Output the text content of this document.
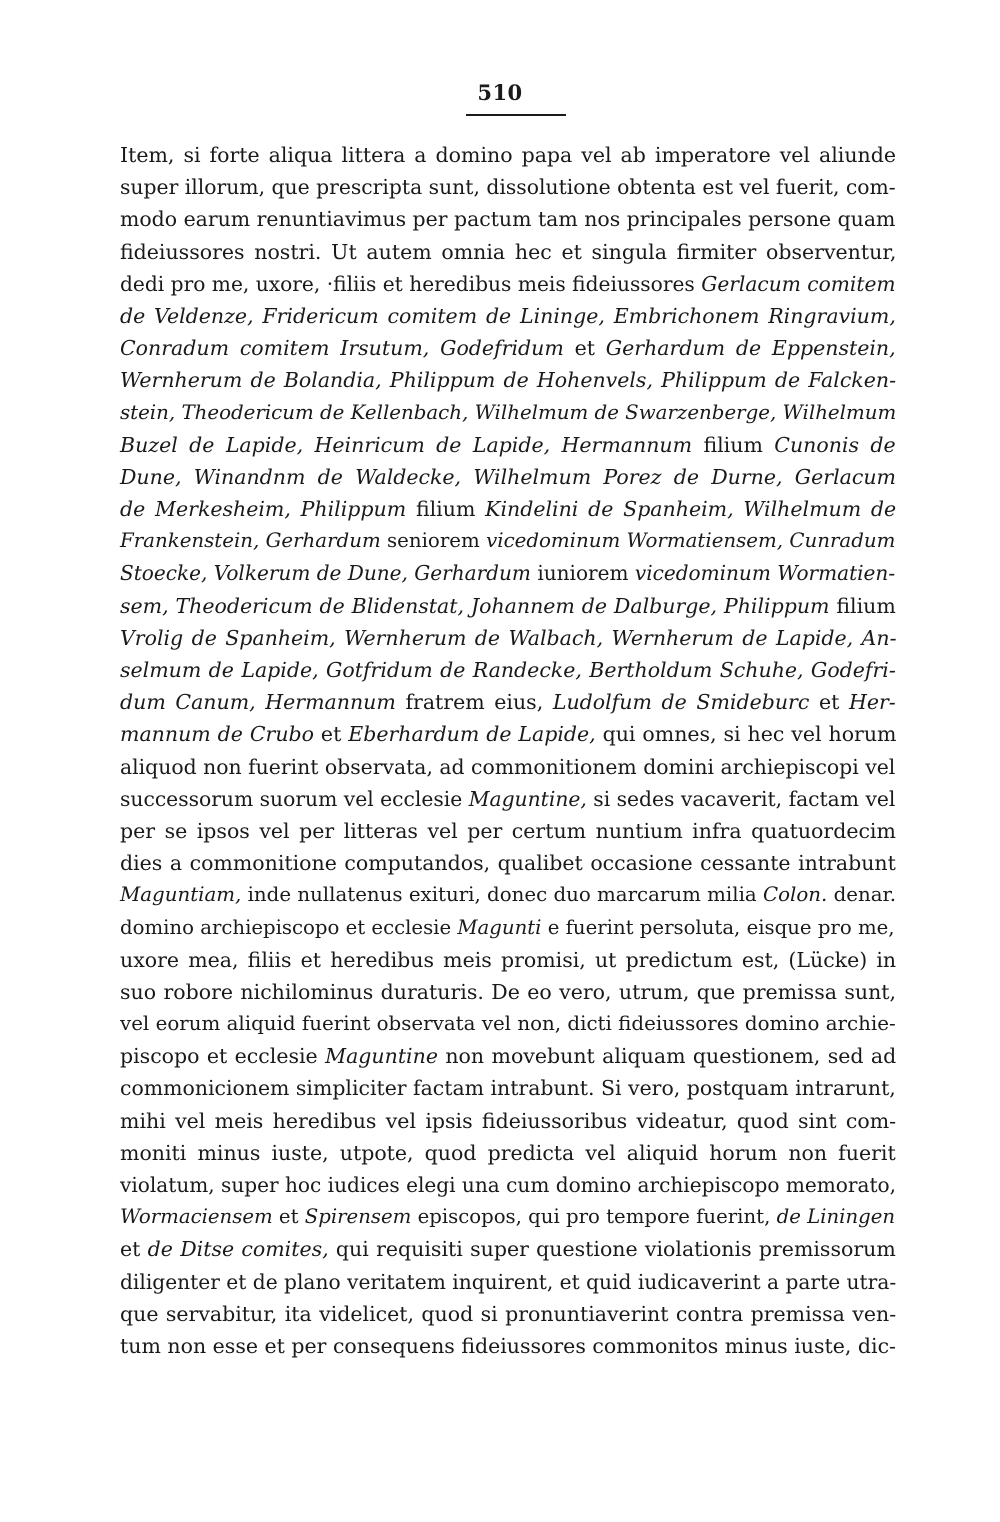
510
Item, si forte aliqua littera a domino papa vel ab imperatore vel aliunde
super illorum, que prescripta sunt, dissolutione obtenta est vel fuerit, com-
modo earum renuntiavimus per pactum tam nos principales persone quam
fideiussores nostri. Ut autem omnia hec et singula firmiter observentur,
dedi pro me, uxore, ·filiis et heredibus meis fideiussores Gerlacum comitem
de Veldenze, Fridericum comitem de Lininge, Embrichonem Ringravium,
Conradum comitem Irsutum, Godefridum et Gerhardum de Eppenstein,
Wernherum de Bolandia, Philippum de Hohenvels, Philippum de Falcken-
stein, Theodericum de Kellenbach, Wilhelmum de Swarzenberge, Wilhelmum
Buzel de Lapide, Heinricum de Lapide, Hermannum filium Cunonis de
Dune, Winandnm de Waldecke, Wilhelmum Porez de Durne, Gerlacum
de Merkesheim, Philippum filium Kindelini de Spanheim, Wilhelmum de
Frankenstein, Gerhardum seniorem vicedominum Wormatiensem, Cunradum
Stoecke, Volkerum de Dune, Gerhardum iuniorem vicedominum Wormatien-
sem, Theodericum de Blidenstat, Johannem de Dalburge, Philippum filium
Vrolig de Spanheim, Wernherum de Walbach, Wernherum de Lapide, An-
selmum de Lapide, Gotfridum de Randecke, Bertholdum Schuhe, Godefri-
dum Canum, Hermannum fratrem eius, Ludolfum de Smideburc et Her-
mannum de Crubo et Eberhardum de Lapide, qui omnes, si hec vel horum
aliquod non fuerint observata, ad commonitionem domini archiepiscopi vel
successorum suorum vel ecclesie Maguntine, si sedes vacaverit, factam vel
per se ipsos vel per litteras vel per certum nuntium infra quatuordecim
dies a commonitione computandos, qualibet occasione cessante intrabunt
Maguntiam, inde nullatenus exituri, donec duo marcarum milia Colon. denar.
domino archiepiscopo et ecclesie Magunti e fuerint persoluta, eisque pro me,
uxore mea, filiis et heredibus meis promisi, ut predictum est, (Lücke) in
suo robore nichilominus duraturis. De eo vero, utrum, que premissa sunt,
vel eorum aliquid fuerint observata vel non, dicti fideiussores domino archie-
piscopo et ecclesie Maguntine non movebunt aliquam questionem, sed ad
commonicionem simpliciter factam intrabunt. Si vero, postquam intrarunt,
mihi vel meis heredibus vel ipsis fideiussoribus videatur, quod sint com-
moniti minus iuste, utpote, quod predicta vel aliquid horum non fuerit
violatum, super hoc iudices elegi una cum domino archiepiscopo memorato,
Wormaciensem et Spirensem episcopos, qui pro tempore fuerint, de Liningen
et de Ditse comites, qui requisiti super questione violationis premissorum
diligenter et de plano veritatem inquirent, et quid iudicaverint a parte utra-
que servabitur, ita videlicet, quod si pronuntiaverint contra premissa ven-
tum non esse et per consequens fideiussores commonitos minus iuste, dic-
